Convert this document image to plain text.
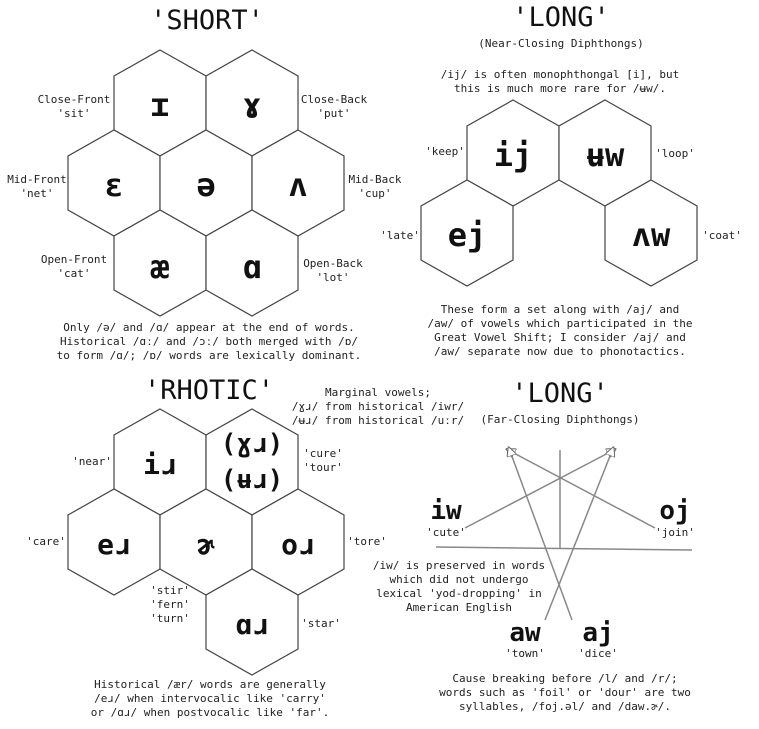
'SHORT'
ɪ ɤ
ɛ ə ʌ
æ ɑ
Close-Front
'sit'
Close-Back
'put'
Mid-Front
'net'
Mid-Back
'cup'
Open-Front
'cat'
Open-Back
'lot'
Only /ə/ and /ɑ/ appear at the end of words.
Historical /ɑː/ and /ɔː/ both merged with /ɒ/
to form /ɑ/; /ɒ/ words are lexically dominant.
'LONG'
(Near-Closing Diphthongs)
/ij/ is often monophthongal [i], but
this is much more rare for /ʉw/.
ij ʉw
ej	ʌw
'keep'	'loop'
'late'	'coat'
These form a set along with /aj/ and
/aw/ of vowels which participated in the
Great Vowel Shift; I consider /aj/ and
/aw/ separate now due to phonotactics.
'RHOTIC'	Marginal vowels;
/ɣɹ/ from historical /iwr/
/ʉɹ/ from historical /uːr/
iɹ
(ɣɹ)
(ʉɹ)
eɹ ɚ oɹ
ɑɹ
'near'
'cure'
'tour'
'care'	'tore'
'stir'
'fern'
'turn'	'star'
Historical /ær/ words are generally
/eɹ/ when intervocalic like 'carry'
or /ɑɹ/ when postvocalic like 'far'.
'LONG'
(Far-Closing Diphthongs)
iw
'cute'
oj
'join'
aw
'town'
aj
'dice'
/iw/ is preserved in words
which did not undergo
lexical 'yod-dropping' in
American English
Cause breaking before /l/ and /r/;
words such as 'foil' or 'dour' are two
syllables, /foj.əl/ and /daw.ɚ/.
